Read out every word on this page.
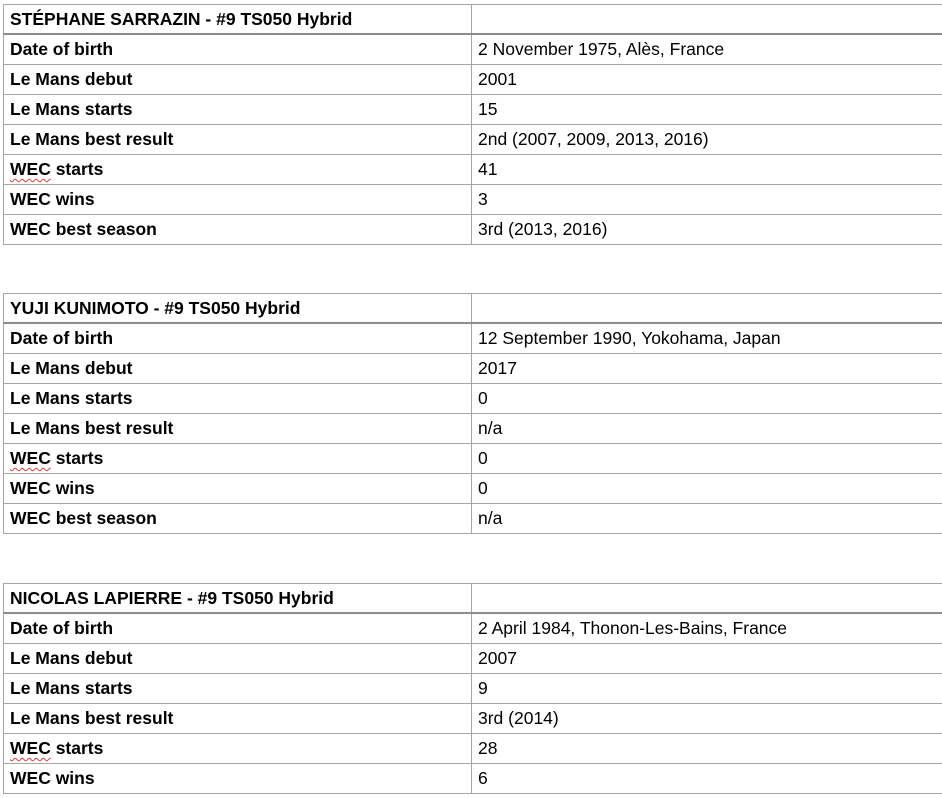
STÉPHANE SARRAZIN - #9 TS050 Hybrid	
Date of birth	2 November 1975, Alès, France
Le Mans debut	2001
Le Mans starts	15
Le Mans best result	2nd (2007, 2009, 2013, 2016)
WEC starts	41
WEC wins	3
WEC best season	3rd (2013, 2016)
YUJI KUNIMOTO - #9 TS050 Hybrid	
Date of birth	12 September 1990, Yokohama, Japan
Le Mans debut	2017
Le Mans starts	0
Le Mans best result	n/a
WEC starts	0
WEC wins	0
WEC best season	n/a
NICOLAS LAPIERRE - #9 TS050 Hybrid	
Date of birth	2 April 1984, Thonon-Les-Bains, France
Le Mans debut	2007
Le Mans starts	9
Le Mans best result	3rd (2014)
WEC starts	28
WEC wins	6
